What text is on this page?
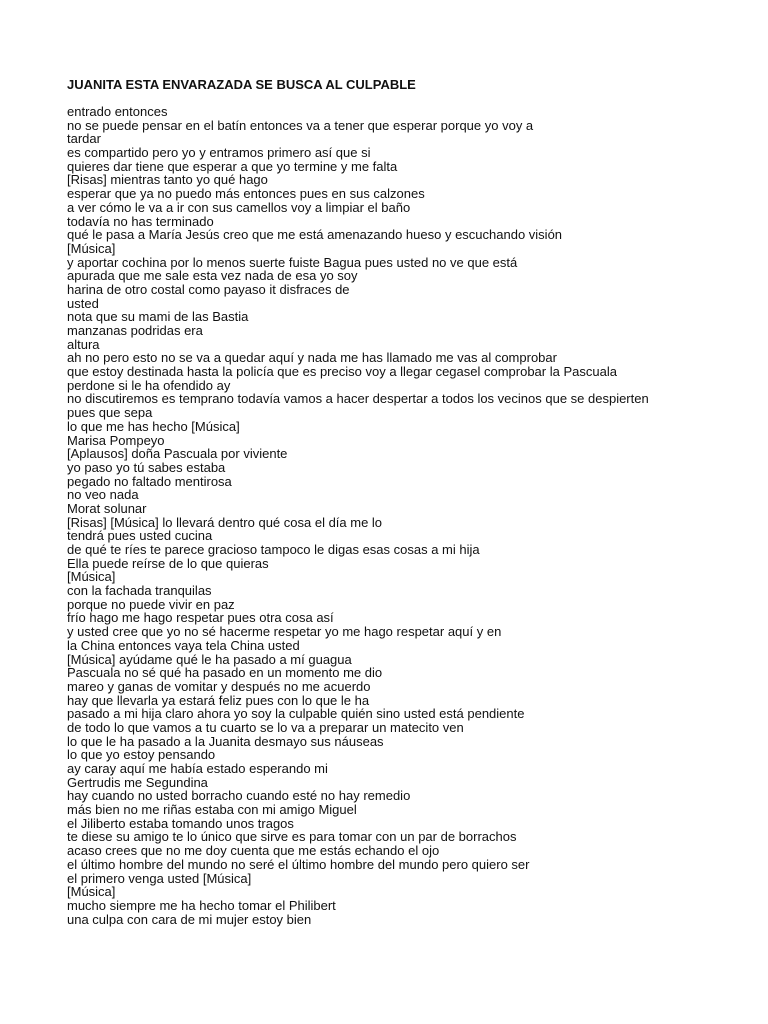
JUANITA ESTA ENVARAZADA SE BUSCA AL CULPABLE
entrado entonces
no se puede pensar en el batín entonces va a tener que esperar porque yo voy a
tardar
es compartido pero yo y entramos primero así que si
quieres dar tiene que esperar a que yo termine y me falta
[Risas] mientras tanto yo qué hago
esperar que ya no puedo más entonces pues en sus calzones
a ver cómo le va a ir con sus camellos voy a limpiar el baño
todavía no has terminado
qué le pasa a María Jesús creo que me está amenazando hueso y escuchando visión
[Música]
y aportar cochina por lo menos suerte fuiste Bagua pues usted no ve que está
apurada que me sale esta vez nada de esa yo soy
harina de otro costal como payaso it disfraces de
usted
nota que su mami de las Bastia
manzanas podridas era
altura
ah no pero esto no se va a quedar aquí y nada me has llamado me vas al comprobar
que estoy destinada hasta la policía que es preciso voy a llegar cegasel comprobar la Pascuala
perdone si le ha ofendido ay
no discutiremos es temprano todavía vamos a hacer despertar a todos los vecinos que se despierten
pues que sepa
lo que me has hecho [Música]
Marisa Pompeyo
[Aplausos] doña Pascuala por viviente
yo paso yo tú sabes estaba
pegado no faltado mentirosa
no veo nada
Morat solunar
[Risas] [Música] lo llevará dentro qué cosa el día me lo
tendrá pues usted cucina
de qué te ríes te parece gracioso tampoco le digas esas cosas a mi hija
Ella puede reírse de lo que quieras
[Música]
con la fachada tranquilas
porque no puede vivir en paz
frío hago me hago respetar pues otra cosa así
y usted cree que yo no sé hacerme respetar yo me hago respetar aquí y en
la China entonces vaya tela China usted
[Música] ayúdame qué le ha pasado a mí guagua
Pascuala no sé qué ha pasado en un momento me dio
mareo y ganas de vomitar y después no me acuerdo
hay que llevarla ya estará feliz pues con lo que le ha
pasado a mi hija claro ahora yo soy la culpable quién sino usted está pendiente
de todo lo que vamos a tu cuarto se lo va a preparar un matecito ven
lo que le ha pasado a la Juanita desmayo sus náuseas
lo que yo estoy pensando
ay caray aquí me había estado esperando mi
Gertrudis me Segundina
hay cuando no usted borracho cuando esté no hay remedio
más bien no me riñas estaba con mi amigo Miguel
el Jiliberto estaba tomando unos tragos
te diese su amigo te lo único que sirve es para tomar con un par de borrachos
acaso crees que no me doy cuenta que me estás echando el ojo
el último hombre del mundo no seré el último hombre del mundo pero quiero ser
el primero venga usted [Música]
[Música]
mucho siempre me ha hecho tomar el Philibert
una culpa con cara de mi mujer estoy bien
